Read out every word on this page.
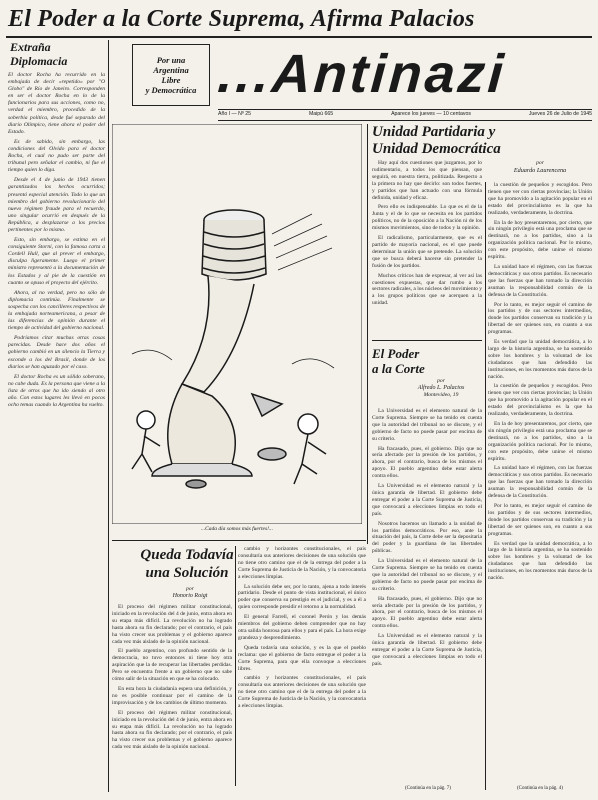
El Poder a la Corte Suprema, Afirma Palacios
Extraña
Diplomacia	Por una
Argentina
Libre
y Democrática ...Antinazi
Año I — Nº 25	Maipú 665	Aparece los jueves — 10 centavos	Jueves 26 de Julio de 1945

El doctor Rocha ha recurrido en la embajada de decir «repetido» por "O Globo" de Río de Janeiro. Corresponden en ser el doctor Rocha en lo de la funcionarios para sus acciones, como no, verdad el miembro, procedido de la soberbia política, desde fué separado del diario Olímpico, tiene ahora el poder del Estado.

Es de sabido, sin embargo, las condiciones del Olvido para el doctor Rocha, el cual no pudo ser parte del tribunal pero señalar el cambio, ni fue el tiempo quien lo diga.

Desde el 4 de junio de 1943 tienen garantizados los hechos ocurridos; presentó especial atención. Todo lo que un miembro del gobierno revolucionario del nuevo régimen fraude para el recuerdo, uno singular ocurrió en después de la República, a desplazarse a los precios pertinentes por lo mismo.

Esto, sin embargo, se estima en el consiguiente Storni, con la famosa carta a Cordell Hull, que al prever el embargo, disculpa ligeramente. Luego el primer ministro representó a la documentación de los Estados y al pie de la cuestión en cuanto se opuso el proyecto del ejército.

Ahora, al no verdad, pero no sólo de diplomacia continúa. Finalmente se sospecha con los cancilleres respectivos de la embajada norteamericana, a pesar de las diferencias de opinión durante el tiempo de actividad del gobierno nacional.

Podríamos citar muchas otras cosas parecidas. Desde hace dos años el gobierno cambió en un silencio la Tierra y esconde a los del Brasil, donde de los diarios se han aguzado por el caso.

El doctor Rocha es un sólido soberano, no cabe duda. Es la persona que viene a la lista de otros que ha ido siendo al otro año. Con estos lugares les llevó en pocos ocho temas cuando la Argentina ha vuelto.

...Cada día somos más fuertes!...
Unidad Partidaria y
Unidad Democrática
por
Eduardo Laurencena

Hay aquí dos cuestiones que juzgamos, por lo rudimentario, a todos los que piensan, que seguirá, en nuestra tierra, politizada. Respecto a la primera no hay que decirlo: son todos fuertes, y partidos que han actuado con una fórmula definida, unidad y eficaz.

Pero ello es indispensable. Lo que es el de la Junta y el de lo que se necesita en los partidos políticos, no de la oposición a la Nación ni de los mismos movimientos, sino de todos y la opinión.

El radicalismo, particularmente, que es el partido de mayoría nacional, es el que puede determinar la unión que se pretende. La solución que se busca deberá hacerse sin pretender la fusión de los partidos.

Muchos críticos han de expresar, al ver así las cuestiones expuestas, que dar rumbo a los sectores radicales, a los núcleos del movimiento y a los grupos políticos que se acerquen a la unidad.

la cuestión de pequeños y escogidos. Pero tienen que ver con ciertas provincias; la Unión que ha promovido a la agitación popular en el estado del provincialismo es la que ha realizado, verdaderamente, la doctrina.

En la de hoy presentaremos, por cierto, que sin ningún privilegio está una proclama que se destinará, no a los partidos, sino a la organización política nacional. Por lo mismo, con este propósito, debe unirse el mismo espíritu.

La unidad hace el régimen, con las fuerzas democráticas y sus otros partidos. Es necesario que las fuerzas que han tomado la dirección asuman la responsabilidad común de la defensa de la Constitución.

Por lo tanto, es mejor seguir el camino de los partidos y de sus sectores intermedios, donde los partidos conservan su tradición y la libertad de ser quienes son, en cuanto a sus programas.

Es verdad que la unidad democrática, a lo largo de la historia argentina, se ha sostenido sobre los hombres y la voluntad de los ciudadanos que han defendido las instituciones, en los momentos más duros de la nación.

la cuestión de pequeños y escogidos. Pero tienen que ver con ciertas provincias; la Unión que ha promovido a la agitación popular en el estado del provincialismo es la que ha realizado, verdaderamente, la doctrina.

En la de hoy presentaremos, por cierto, que sin ningún privilegio está una proclama que se destinará, no a los partidos, sino a la organización política nacional. Por lo mismo, con este propósito, debe unirse el mismo espíritu.

La unidad hace el régimen, con las fuerzas democráticas y sus otros partidos. Es necesario que las fuerzas que han tomado la dirección asuman la responsabilidad común de la defensa de la Constitución.

Por lo tanto, es mejor seguir el camino de los partidos y de sus sectores intermedios, donde los partidos conservan su tradición y la libertad de ser quienes son, en cuanto a sus programas.

Es verdad que la unidad democrática, a lo largo de la historia argentina, se ha sostenido sobre los hombres y la voluntad de los ciudadanos que han defendido las instituciones, en los momentos más duros de la nación.

(Continúa en la pág. 4)
El Poder
a la Corte
por
Alfredo L. Palacios
Montevideo, 19

La Universidad es el elemento natural de la Corte Suprema. Siempre se ha tenido en cuenta que la autoridad del tribunal no se discute, y el gobierno de facto no puede pasar por encima de su criterio.

Ha fracasado, pues, el gobierno. Dijo que no sería afectado por la presión de los partidos, y ahora, por el contrario, busca de los mismos el apoyo. El pueblo argentino debe estar alerta contra ellos.

La Universidad es el elemento natural y la única garantía de libertad. El gobierno debe entregar el poder a la Corte Suprema de Justicia, que convocará a elecciones limpias en todo el país.

Nosotros hacemos un llamado a la unidad de los partidos democráticos. Por eso, ante la situación del país, la Corte debe ser la depositaria del poder y la guardiana de las libertades públicas.

La Universidad es el elemento natural de la Corte Suprema. Siempre se ha tenido en cuenta que la autoridad del tribunal no se discute, y el gobierno de facto no puede pasar por encima de su criterio.

Ha fracasado, pues, el gobierno. Dijo que no sería afectado por la presión de los partidos, y ahora, por el contrario, busca de los mismos el apoyo. El pueblo argentino debe estar alerta contra ellos.

La Universidad es el elemento natural y la única garantía de libertad. El gobierno debe entregar el poder a la Corte Suprema de Justicia, que convocará a elecciones limpias en todo el país.

(Continúa en la pág. 7)
Queda Todavía
una Solución
por
Honorio Roigt

El proceso del régimen militar constitucional, iniciado en la revolución del 4 de junio, entra ahora en su etapa más difícil. La revolución no ha logrado hasta ahora su fin declarado; por el contrario, el país ha visto crecer sus problemas y el gobierno aparece cada vez más aislado de la opinión nacional.

El pueblo argentino, con profundo sentido de la democracia, no tuvo entonces ni tiene hoy otra aspiración que la de recuperar las libertades perdidas. Pero se encuentra frente a un gobierno que no sabe cómo salir de la situación en que se ha colocado.

En esta hora la ciudadanía espera una definición, y no es posible continuar por el camino de la improvisación y de los cambios de último momento.

El proceso del régimen militar constitucional, iniciado en la revolución del 4 de junio, entra ahora en su etapa más difícil. La revolución no ha logrado hasta ahora su fin declarado; por el contrario, el país ha visto crecer sus problemas y el gobierno aparece cada vez más aislado de la opinión nacional.

cambio y horizontes constitucionales, el país consultaría sus anteriores decisiones de una solución que no tiene otro camino que el de la entrega del poder a la Corte Suprema de Justicia de la Nación, y la convocatoria a elecciones limpias.

La solución debe ser, por lo tanto, ajena a todo interés partidario. Desde el punto de vista institucional, el único poder que conserva su prestigio es el judicial, y es a él a quien corresponde presidir el retorno a la normalidad.

El general Farrell, el coronel Perón y los demás miembros del gobierno deben comprender que no hay otra salida honrosa para ellos y para el país. La hora exige grandeza y desprendimiento.

Queda todavía una solución, y es la que el pueblo reclama: que el gobierno de facto entregue el poder a la Corte Suprema, para que ella convoque a elecciones libres.

cambio y horizontes constitucionales, el país consultaría sus anteriores decisiones de una solución que no tiene otro camino que el de la entrega del poder a la Corte Suprema de Justicia de la Nación, y la convocatoria a elecciones limpias.
